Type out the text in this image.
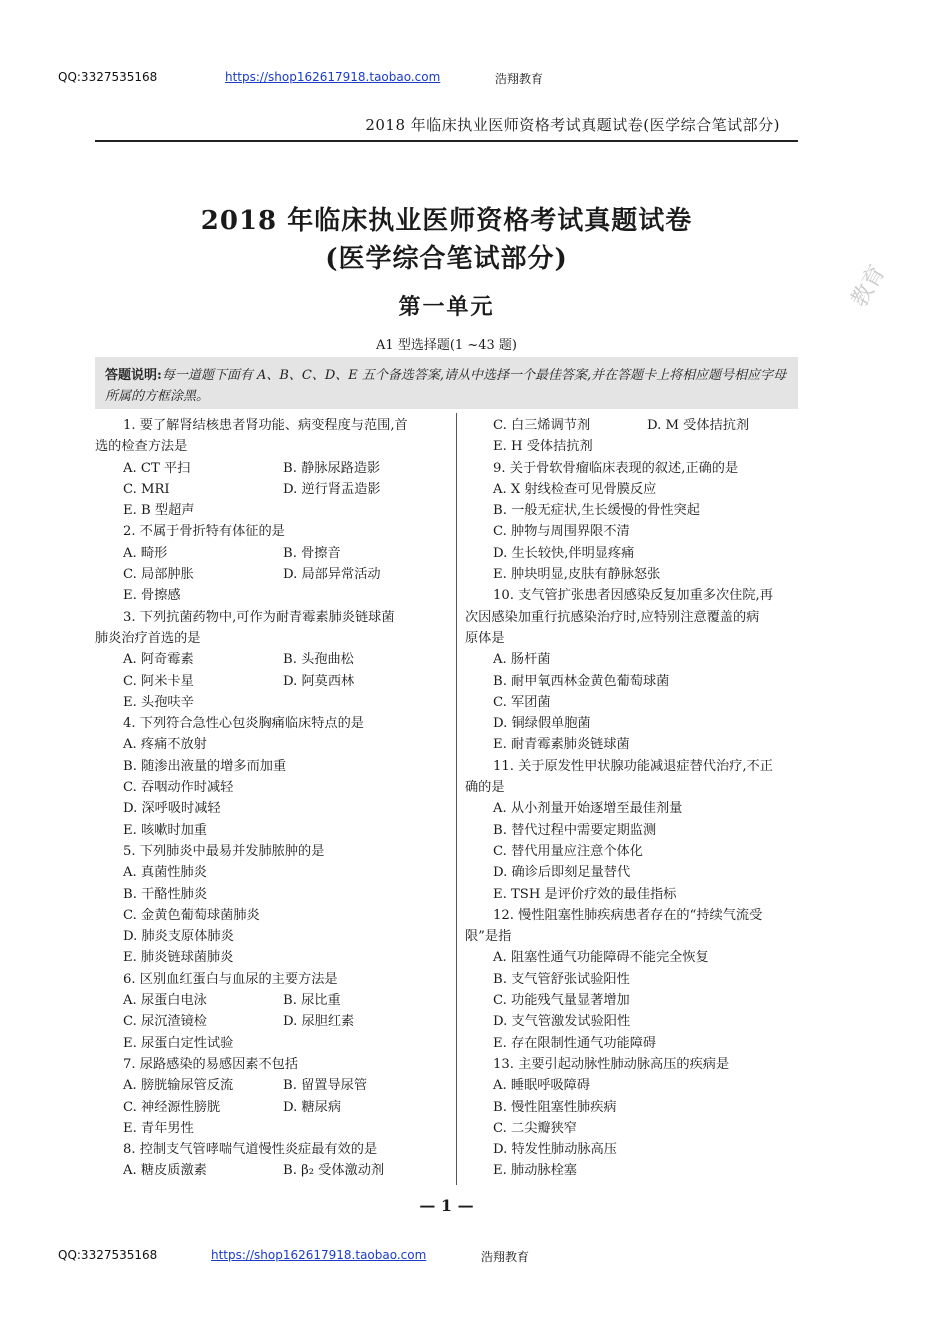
QQ:3327535168	https://shop162617918.taobao.com	浩翔教育
2018 年临床执业医师资格考试真题试卷(医学综合笔试部分)
2018 年临床执业医师资格考试真题试卷
(医学综合笔试部分)
教育
第一单元
A1 型选择题(1 ~43 题)
答题说明:每一道题下面有 A、B、C、D、E 五个备选答案,请从中选择一个最佳答案,并在答题卡上将相应题号相应字母所属的方框涂黑。
1. 要了解肾结核患者肾功能、病变程度与范围,首
选的检查方法是
A. CT 平扫	B. 静脉尿路造影
C. MRI	D. 逆行肾盂造影
E. B 型超声
2. 不属于骨折特有体征的是
A. 畸形	B. 骨擦音
C. 局部肿胀	D. 局部异常活动
E. 骨擦感
3. 下列抗菌药物中,可作为耐青霉素肺炎链球菌
肺炎治疗首选的是
A. 阿奇霉素	B. 头孢曲松
C. 阿米卡星	D. 阿莫西林
E. 头孢呋辛
4. 下列符合急性心包炎胸痛临床特点的是
A. 疼痛不放射
B. 随渗出液量的增多而加重
C. 吞咽动作时减轻
D. 深呼吸时减轻
E. 咳嗽时加重
5. 下列肺炎中最易并发肺脓肿的是
A. 真菌性肺炎
B. 干酪性肺炎
C. 金黄色葡萄球菌肺炎
D. 肺炎支原体肺炎
E. 肺炎链球菌肺炎
6. 区别血红蛋白与血尿的主要方法是
A. 尿蛋白电泳	B. 尿比重
C. 尿沉渣镜检	D. 尿胆红素
E. 尿蛋白定性试验
7. 尿路感染的易感因素不包括
A. 膀胱输尿管反流	B. 留置导尿管
C. 神经源性膀胱	D. 糖尿病
E. 青年男性
8. 控制支气管哮喘气道慢性炎症最有效的是
A. 糖皮质激素	B. β₂ 受体激动剂
C. 白三烯调节剂	D. M 受体拮抗剂
E. H 受体拮抗剂
9. 关于骨软骨瘤临床表现的叙述,正确的是
A. X 射线检查可见骨膜反应
B. 一般无症状,生长缓慢的骨性突起
C. 肿物与周围界限不清
D. 生长较快,伴明显疼痛
E. 肿块明显,皮肤有静脉怒张
10. 支气管扩张患者因感染反复加重多次住院,再
次因感染加重行抗感染治疗时,应特别注意覆盖的病
原体是
A. 肠杆菌
B. 耐甲氧西林金黄色葡萄球菌
C. 军团菌
D. 铜绿假单胞菌
E. 耐青霉素肺炎链球菌
11. 关于原发性甲状腺功能减退症替代治疗,不正
确的是
A. 从小剂量开始逐增至最佳剂量
B. 替代过程中需要定期监测
C. 替代用量应注意个体化
D. 确诊后即刻足量替代
E. TSH 是评价疗效的最佳指标
12. 慢性阻塞性肺疾病患者存在的“持续气流受
限”是指
A. 阻塞性通气功能障碍不能完全恢复
B. 支气管舒张试验阳性
C. 功能残气量显著增加
D. 支气管激发试验阳性
E. 存在限制性通气功能障碍
13. 主要引起动脉性肺动脉高压的疾病是
A. 睡眠呼吸障碍
B. 慢性阻塞性肺疾病
C. 二尖瓣狭窄
D. 特发性肺动脉高压
E. 肺动脉栓塞
— 1 —
QQ:3327535168	https://shop162617918.taobao.com	浩翔教育
